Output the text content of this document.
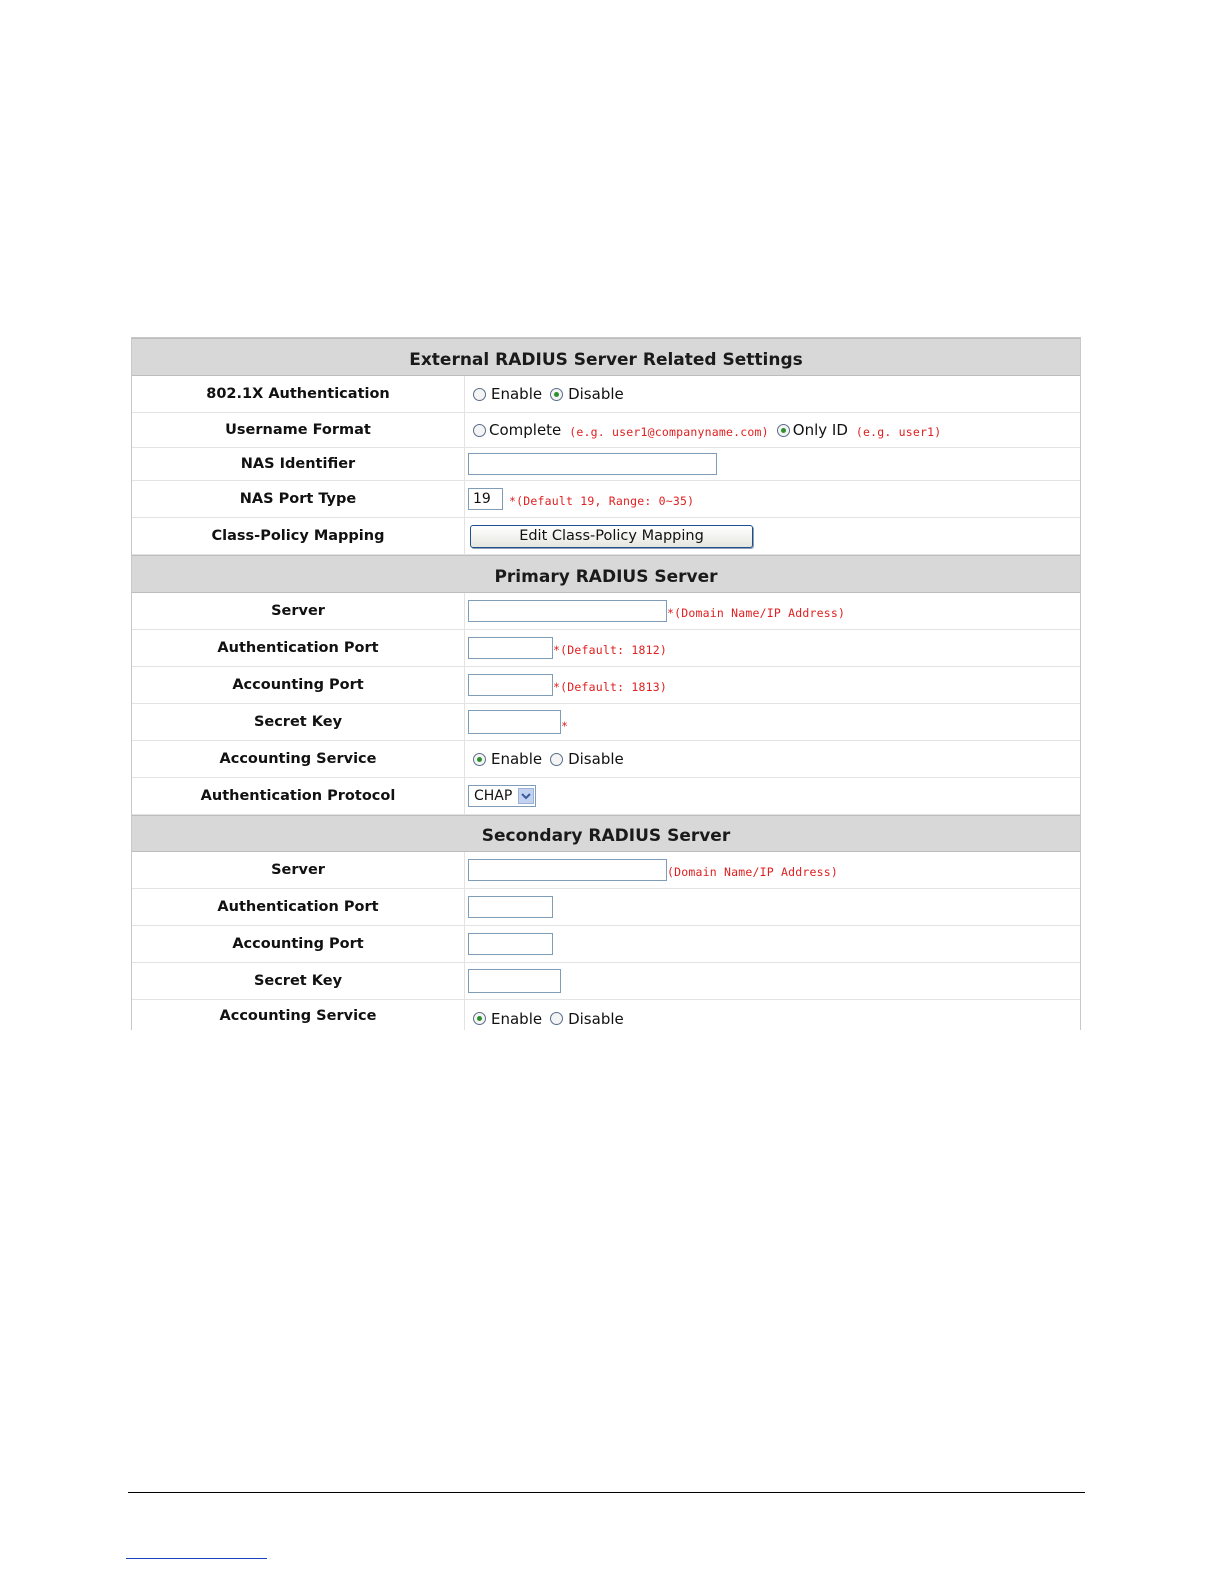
External RADIUS Server Related Settings
802.1X Authentication	Enable Disable
Username Format	Complete (e.g. user1@companyname.com) Only ID (e.g. user1)
NAS Identifier
NAS Port Type	19	*(Default 19, Range: 0~35)
Class-Policy Mapping	Edit Class-Policy Mapping
Primary RADIUS Server
Server	*(Domain Name/IP Address)
Authentication Port	*(Default: 1812)
Accounting Port	*(Default: 1813)
Secret Key	*
Accounting Service	Enable Disable
Authentication Protocol	CHAP
Secondary RADIUS Server
Server	(Domain Name/IP Address)
Authentication Port
Accounting Port
Secret Key
Accounting Service	Enable Disable
